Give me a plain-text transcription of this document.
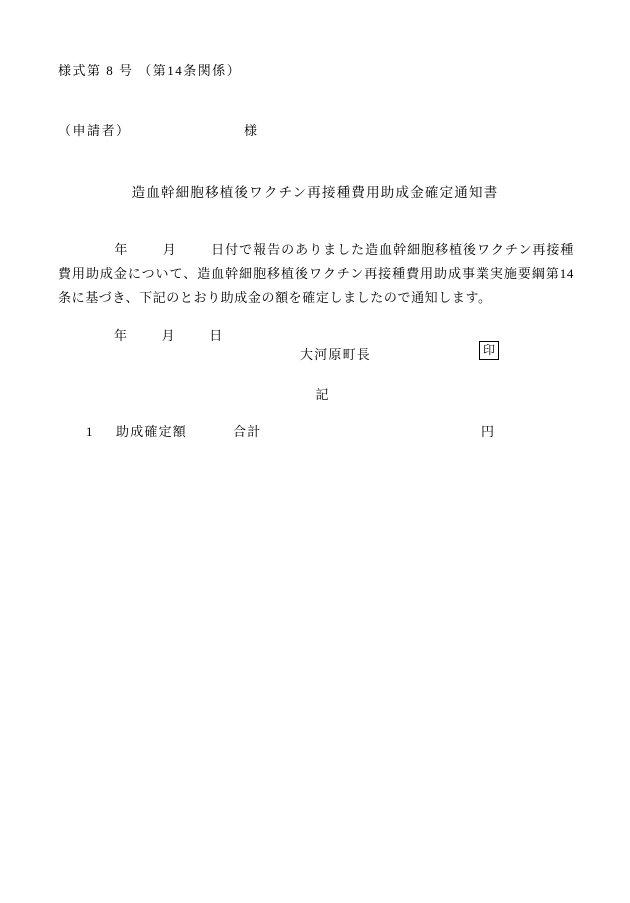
様式第 8 号 （第14条関係）
（申請者）	様
造血幹細胞移植後ワクチン再接種費用助成金確定通知書
年	月	日付で報告のありました造血幹細胞移植後ワクチン再接種費用助成金について、造血幹細胞移植後ワクチン再接種費用助成事業実施要綱第14条に基づき、下記のとおり助成金の額を確定しましたので通知します。
年	月	日
大河原町長	印
記
1 助成確定額	合計	円
